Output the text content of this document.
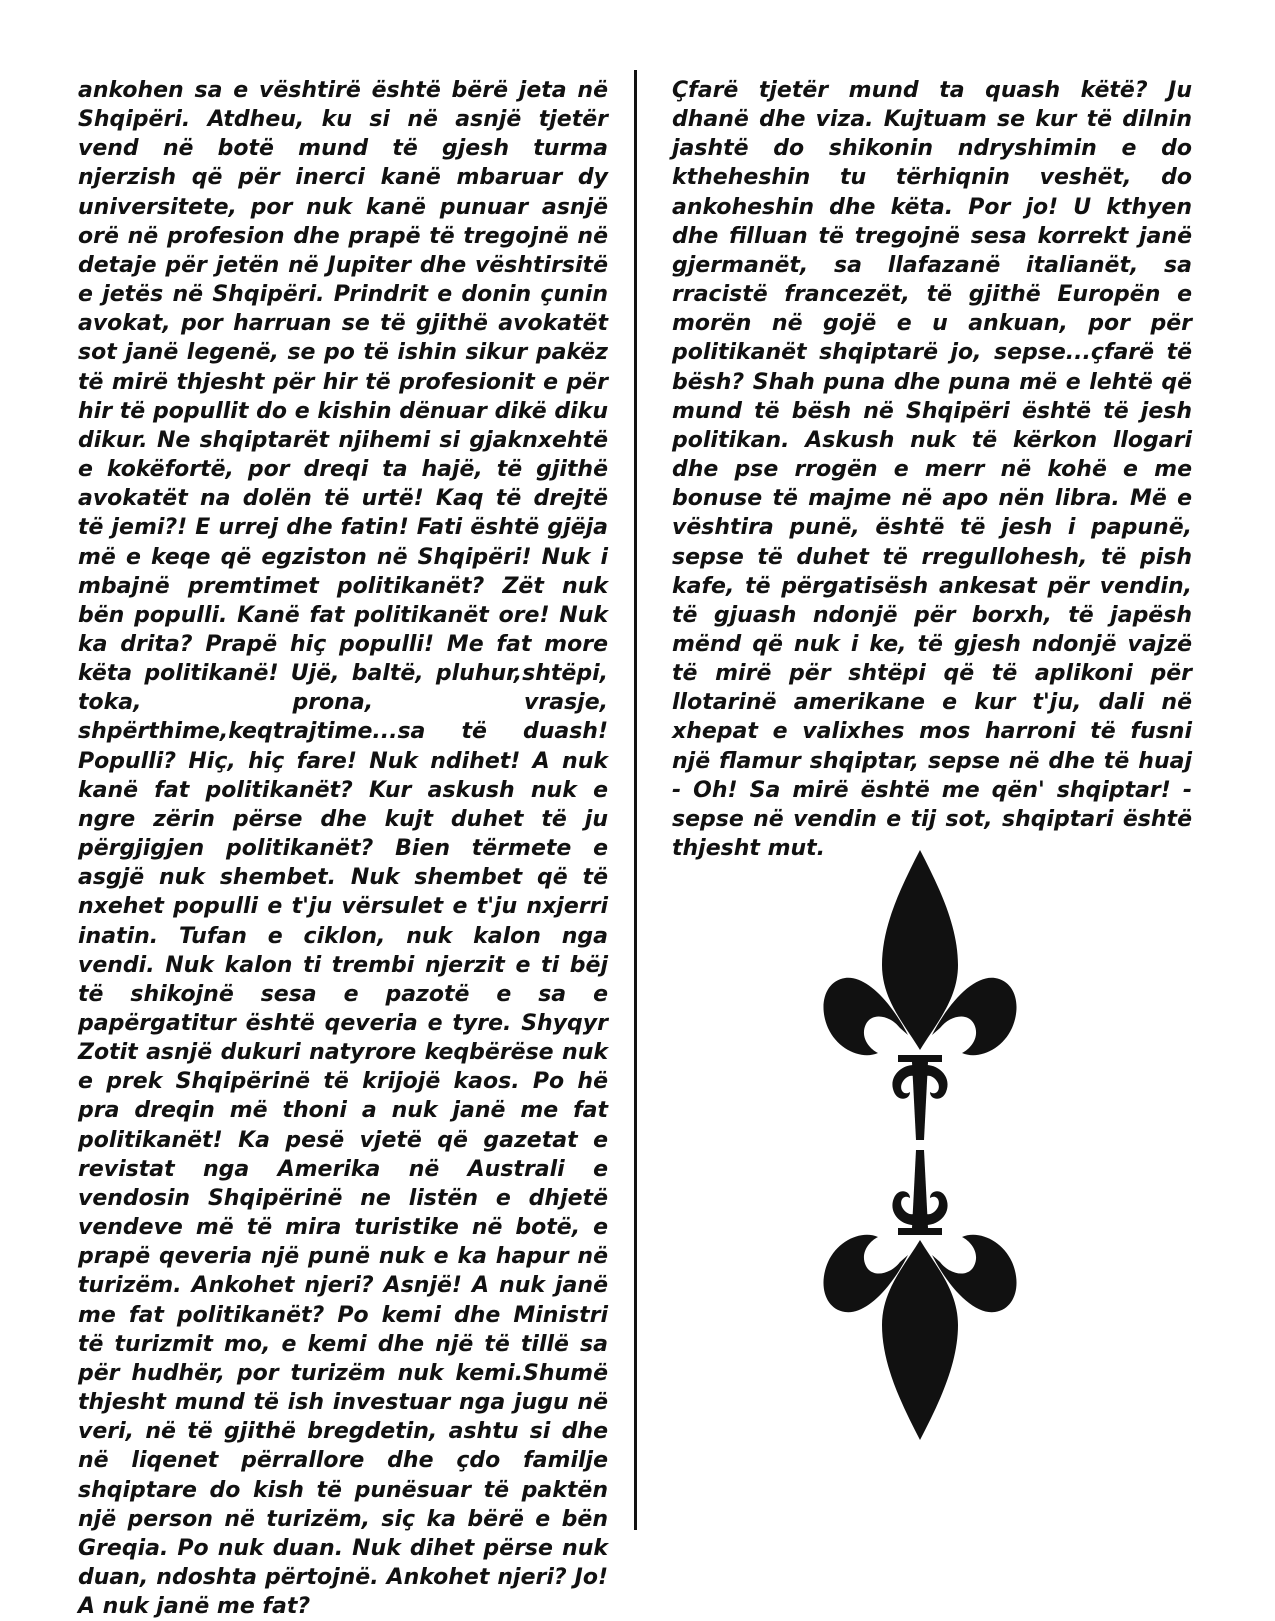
ankohen sa e vështirë është bërë jeta në Shqipëri. Atdheu, ku si në asnjë tjetër vend në botë mund të gjesh turma njerzish që për inerci kanë mbaruar dy universitete, por nuk kanë punuar asnjë orë në profesion dhe prapë të tregojnë në detaje për jetën në Jupiter dhe vështirsitë e jetës në Shqipëri. Prindrit e donin çunin avokat, por harruan se të gjithë avokatët sot janë legenë, se po të ishin sikur pakëz të mirë thjesht për hir të profesionit e për hir të popullit do e kishin dënuar dikë diku dikur. Ne shqiptarët njihemi si gjaknxehtë e kokëfortë, por dreqi ta hajë, të gjithë avokatët na dolën të urtë! Kaq të drejtë të jemi?! E urrej dhe fatin! Fati është gjëja më e keqe që egziston në Shqipëri! Nuk i mbajnë premtimet politikanët? Zët nuk bën populli. Kanë fat politikanët ore! Nuk ka drita? Prapë hiç populli! Me fat more këta politikanë! Ujë, baltë, pluhur,shtëpi, toka, prona, vrasje, shpërthime,keqtrajtime...sa të duash! Populli? Hiç, hiç fare! Nuk ndihet! A nuk kanë fat politikanët? Kur askush nuk e ngre zërin përse dhe kujt duhet të ju përgjigjen politikanët? Bien tërmete e asgjë nuk shembet. Nuk shembet që të nxehet populli e t'ju vërsulet e t'ju nxjerri inatin. Tufan e ciklon, nuk kalon nga vendi. Nuk kalon ti trembi njerzit e ti bëj të shikojnë sesa e pazotë e sa e papërgatitur është qeveria e tyre. Shyqyr Zotit asnjë dukuri natyrore keqbërëse nuk e prek Shqipërinë të krijojë kaos. Po hë pra dreqin më thoni a nuk janë me fat politikanët! Ka pesë vjetë që gazetat e revistat nga Amerika në Australi e vendosin Shqipërinë ne listën e dhjetë vendeve më të mira turistike në botë, e prapë qeveria një punë nuk e ka hapur në turizëm. Ankohet njeri? Asnjë! A nuk janë me fat politikanët? Po kemi dhe Ministri të turizmit mo, e kemi dhe një të tillë sa për hudhër, por turizëm nuk kemi.Shumë thjesht mund të ish investuar nga jugu në veri, në të gjithë bregdetin, ashtu si dhe në liqenet përrallore dhe çdo familje shqiptare do kish të punësuar të paktën një person në turizëm, siç ka bërë e bën Greqia. Po nuk duan. Nuk dihet përse nuk duan, ndoshta përtojnë. Ankohet njeri? Jo! A nuk janë me fat?

Çfarë tjetër mund ta quash këtë? Ju dhanë dhe viza. Kujtuam se kur të dilnin jashtë do shikonin ndryshimin e do ktheheshin tu tërhiqnin veshët, do ankoheshin dhe këta. Por jo! U kthyen dhe filluan të tregojnë sesa korrekt janë gjermanët, sa llafazanë italianët, sa rracistë francezët, të gjithë Europën e morën në gojë e u ankuan, por për politikanët shqiptarë jo, sepse...çfarë të bësh? Shah puna dhe puna më e lehtë që mund të bësh në Shqipëri është të jesh politikan. Askush nuk të kërkon llogari dhe pse rrogën e merr në kohë e me bonuse të majme në apo nën libra. Më e vështira punë, është të jesh i papunë, sepse të duhet të rregullohesh, të pish kafe, të përgatisësh ankesat për vendin, të gjuash ndonjë për borxh, të japësh mënd që nuk i ke, të gjesh ndonjë vajzë të mirë për shtëpi që të aplikoni për llotarinë amerikane e kur t'ju, dali në xhepat e valixhes mos harroni të fusni një flamur shqiptar, sepse në dhe të huaj - Oh! Sa mirë është me qën' shqiptar! - sepse në vendin e tij sot, shqiptari është thjesht mut.
